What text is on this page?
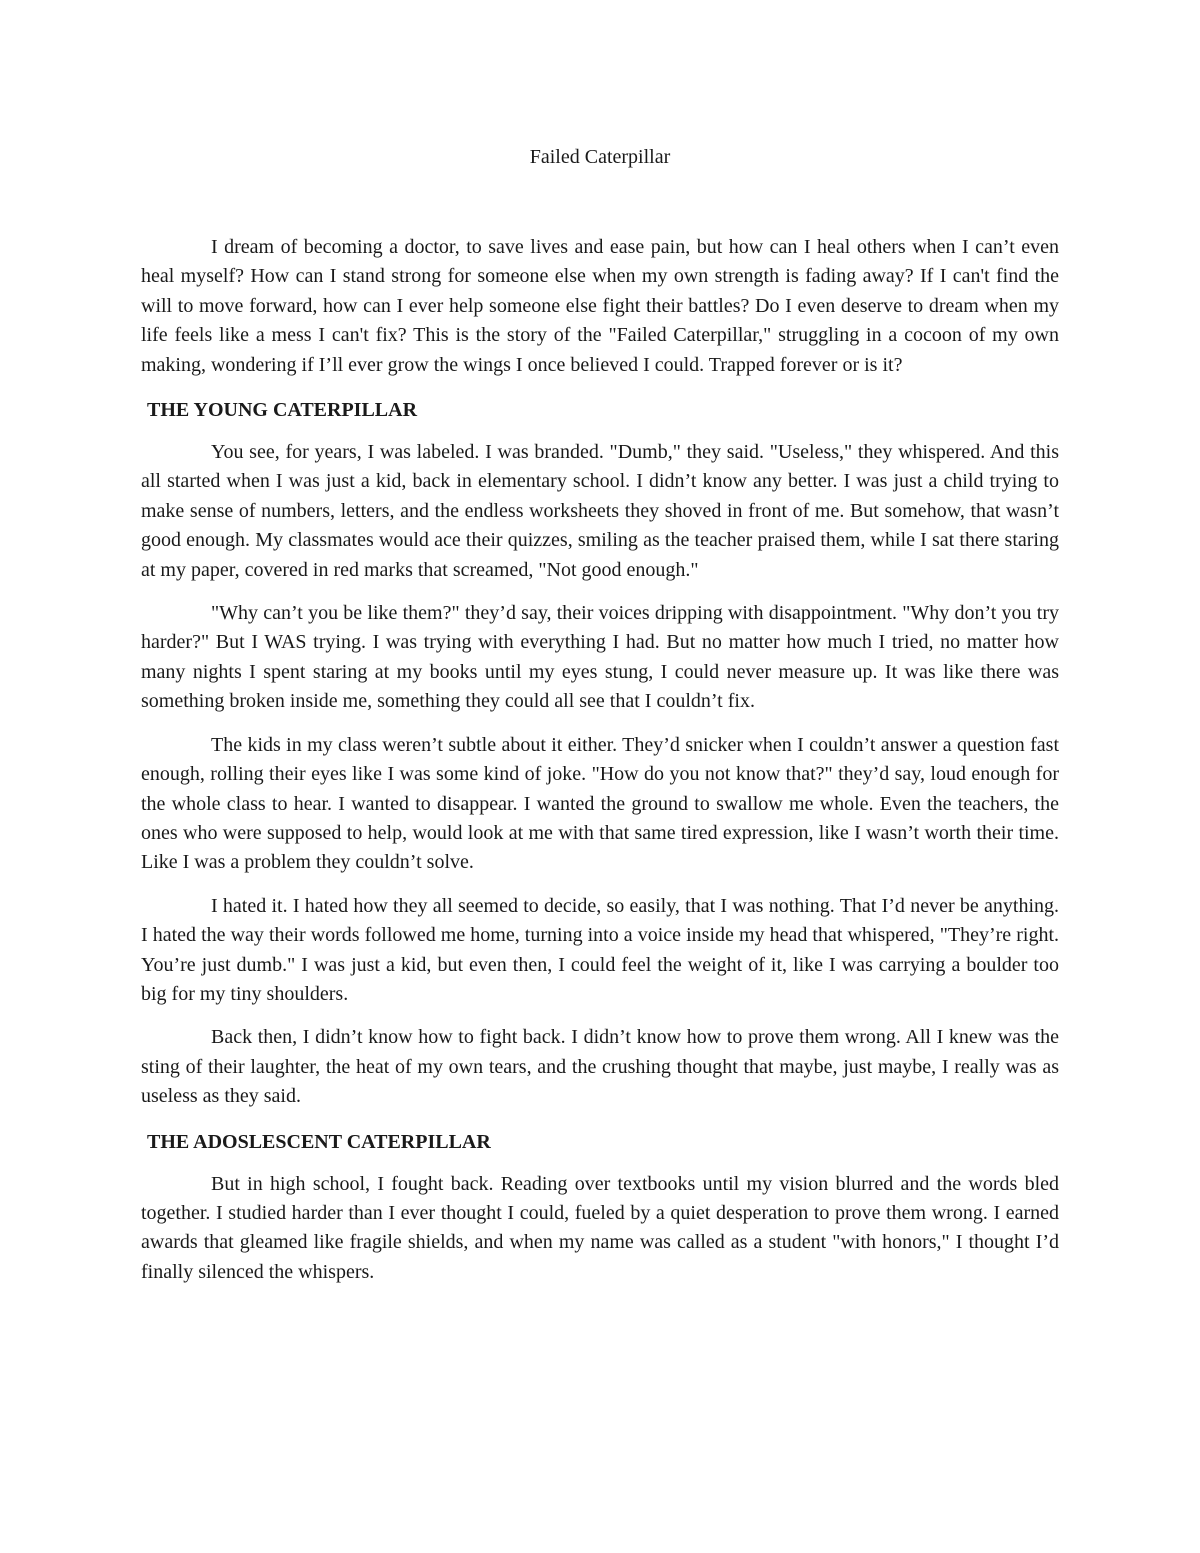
Failed Caterpillar

I dream of becoming a doctor, to save lives and ease pain, but how can I heal others when I can’t even heal myself? How can I stand strong for someone else when my own strength is fading away? If I can't find the will to move forward, how can I ever help someone else fight their battles? Do I even deserve to dream when my life feels like a mess I can't fix? This is the story of the "Failed Caterpillar," struggling in a cocoon of my own making, wondering if I’ll ever grow the wings I once believed I could. Trapped forever or is it?

THE YOUNG CATERPILLAR

You see, for years, I was labeled. I was branded. "Dumb," they said. "Useless," they whispered. And this all started when I was just a kid, back in elementary school. I didn’t know any better. I was just a child trying to make sense of numbers, letters, and the endless worksheets they shoved in front of me. But somehow, that wasn’t good enough. My classmates would ace their quizzes, smiling as the teacher praised them, while I sat there staring at my paper, covered in red marks that screamed, "Not good enough."

"Why can’t you be like them?" they’d say, their voices dripping with disappointment. "Why don’t you try harder?" But I WAS trying. I was trying with everything I had. But no matter how much I tried, no matter how many nights I spent staring at my books until my eyes stung, I could never measure up. It was like there was something broken inside me, something they could all see that I couldn’t fix.

The kids in my class weren’t subtle about it either. They’d snicker when I couldn’t answer a question fast enough, rolling their eyes like I was some kind of joke. "How do you not know that?" they’d say, loud enough for the whole class to hear. I wanted to disappear. I wanted the ground to swallow me whole. Even the teachers, the ones who were supposed to help, would look at me with that same tired expression, like I wasn’t worth their time. Like I was a problem they couldn’t solve.

I hated it. I hated how they all seemed to decide, so easily, that I was nothing. That I’d never be anything. I hated the way their words followed me home, turning into a voice inside my head that whispered, "They’re right. You’re just dumb." I was just a kid, but even then, I could feel the weight of it, like I was carrying a boulder too big for my tiny shoulders.

Back then, I didn’t know how to fight back. I didn’t know how to prove them wrong. All I knew was the sting of their laughter, the heat of my own tears, and the crushing thought that maybe, just maybe, I really was as useless as they said.

THE ADOSLESCENT CATERPILLAR

But in high school, I fought back. Reading over textbooks until my vision blurred and the words bled together. I studied harder than I ever thought I could, fueled by a quiet desperation to prove them wrong. I earned awards that gleamed like fragile shields, and when my name was called as a student "with honors," I thought I’d finally silenced the whispers.
